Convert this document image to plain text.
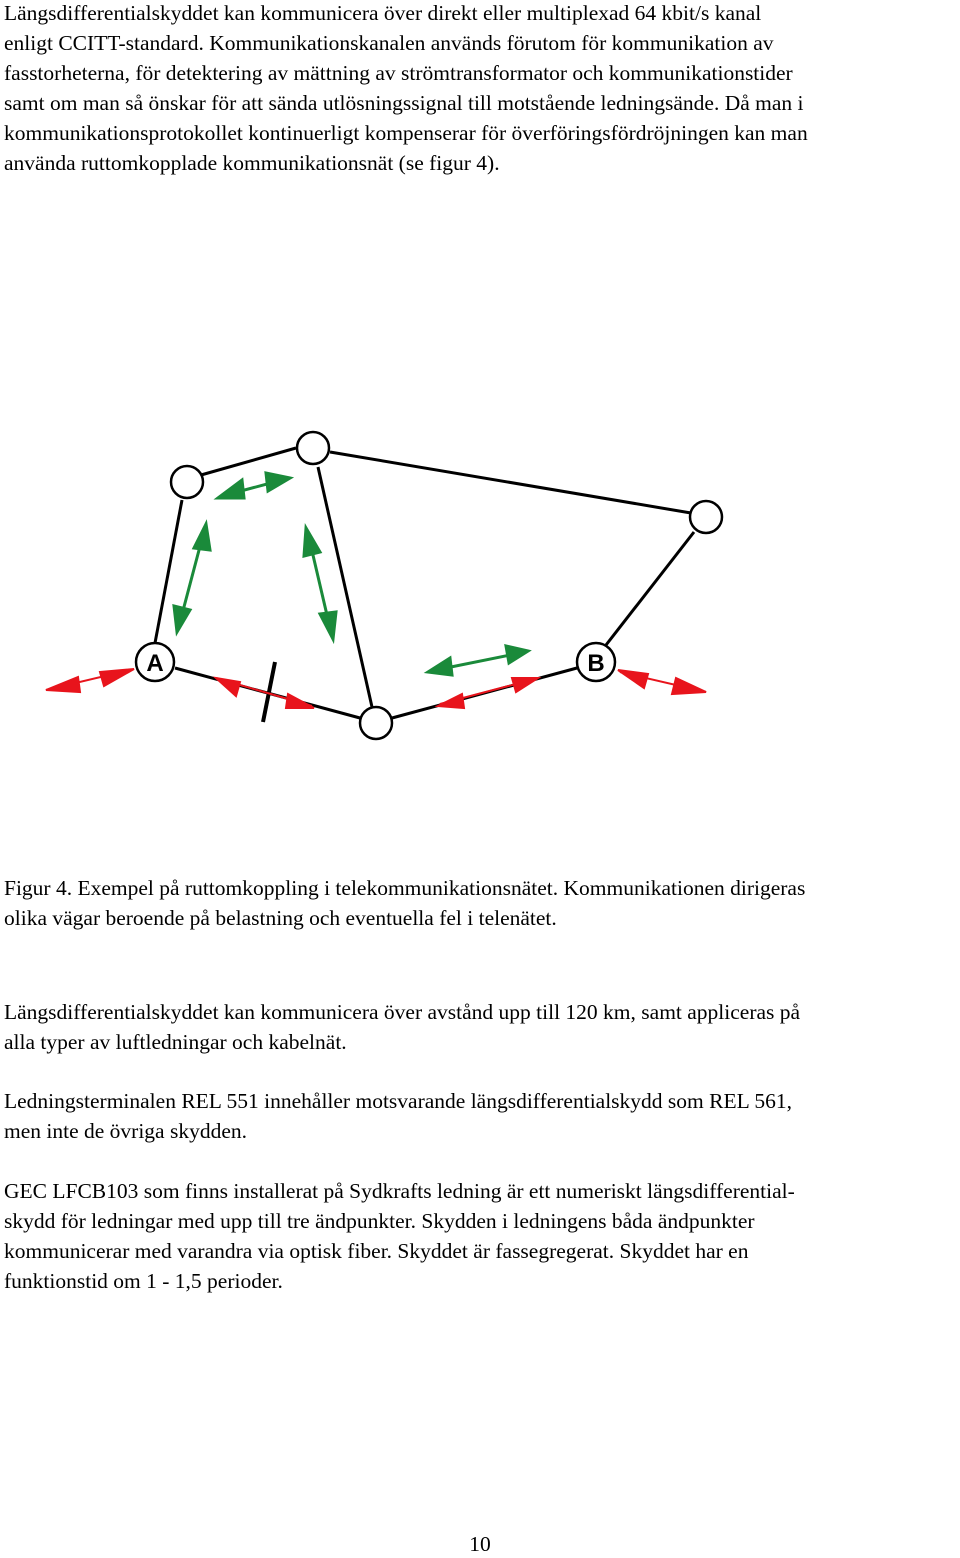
Längsdifferentialskyddet kan kommunicera över direkt eller multiplexad 64 kbit/s kanal
enligt CCITT-standard. Kommunikationskanalen används förutom för kommunikation av
fasstorheterna, för detektering av mättning av strömtransformator och kommunikationstider
samt om man så önskar för att sända utlösningssignal till motstående ledningsände. Då man i
kommunikationsprotokollet kontinuerligt kompenserar för överföringsfördröjningen kan man
använda ruttomkopplade kommunikationsnät (se figur 4).
A	B
Figur 4. Exempel på ruttomkoppling i telekommunikationsnätet. Kommunikationen dirigeras
olika vägar beroende på belastning och eventuella fel i telenätet.
Längsdifferentialskyddet kan kommunicera över avstånd upp till 120 km, samt appliceras på
alla typer av luftledningar och kabelnät.
Ledningsterminalen REL 551 innehåller motsvarande längsdifferentialskydd som REL 561,
men inte de övriga skydden.
GEC LFCB103 som finns installerat på Sydkrafts ledning är ett numeriskt längsdifferential-
skydd för ledningar med upp till tre ändpunkter. Skydden i ledningens båda ändpunkter
kommunicerar med varandra via optisk fiber. Skyddet är fassegregerat. Skyddet har en
funktionstid om 1 - 1,5 perioder.
10
